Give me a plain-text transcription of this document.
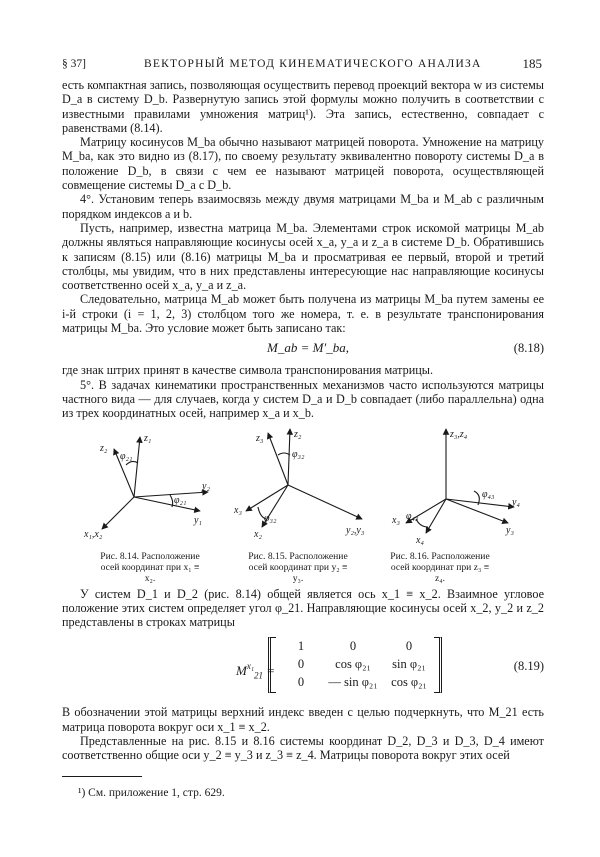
§ 37]	ВЕКТОРНЫЙ МЕТОД КИНЕМАТИЧЕСКОГО АНАЛИЗА	185

есть компактная запись, позволяющая осуществить перевод проекций вектора w из системы D_a в систему D_b. Развернутую запись этой формулы можно получить в соответствии с известными правилами умножения матриц¹). Эта запись, естественно, совпадает с равенствами (8.14).

Матрицу косинусов M_ba обычно называют матрицей поворота. Умножение на матрицу M_ba, как это видно из (8.17), по своему результату эквивалентно повороту системы D_a в положение D_b, в связи с чем ее называют матрицей поворота, осуществляющей совмещение системы D_a с D_b.

4°. Установим теперь взаимосвязь между двумя матрицами M_ba и M_ab с различным порядком индексов a и b.

Пусть, например, известна матрица M_ba. Элементами строк искомой матрицы M_ab должны являться направляющие косинусы осей x_a, y_a и z_a в системе D_b. Обратившись к записям (8.15) или (8.16) матрицы M_ba и просматривая ее первый, второй и третий столбцы, мы увидим, что в них представлены интересующие нас направляющие косинусы соответственно осей x_a, y_a и z_a.

Следовательно, матрица M_ab может быть получена из матрицы M_ba путем замены ее i-й строки (i = 1, 2, 3) столбцом того же номера, т. е. в результате транспонирования матрицы M_ba. Это условие может быть записано так:

M_ab = M′_ba,	(8.18)

где знак штрих принят в качестве символа транспонирования матрицы.

5°. В задачах кинематики пространственных механизмов часто используются матрицы частного вида — для случаев, когда у систем D_a и D_b совпадает (либо параллельна) одна из трех координатных осей, например x_a и x_b.

z₁
z₂
φ₂₁
y₂
φ₂₁
y₁
x₁,x₂
z₂
z₃
φ₃₂
x₃
φ₃₂
x₂	y₂,y₃
z₃,z₄
φ₄₃
y₄
y₃
x₃ φ₄₃
x₄
Рис. 8.14. Расположение осей координат при x₁ ≡ x₂.
Рис. 8.15. Расположение осей координат при y₂ ≡ y₃.
Рис. 8.16. Расположение осей координат при z₃ ≡ z₄.

У систем D_1 и D_2 (рис. 8.14) общей является ось x_1 ≡ x_2. Взаимное угловое положение этих систем определяет угол φ_21. Направляющие косинусы осей x_2, y_2 и z_2 представлены в строках матрицы

$M^{x_1}_{21}$ =
1	0	0
0	cos φ₂₁	sin φ₂₁
0	— sin φ₂₁	cos φ₂₁
(8.19)

В обозначении этой матрицы верхний индекс введен с целью подчеркнуть, что M_21 есть матрица поворота вокруг оси x_1 ≡ x_2.

Представленные на рис. 8.15 и 8.16 системы координат D_2, D_3 и D_3, D_4 имеют соответственно общие оси y_2 ≡ y_3 и z_3 ≡ z_4. Матрицы поворота вокруг этих осей

¹) См. приложение 1, стр. 629.
